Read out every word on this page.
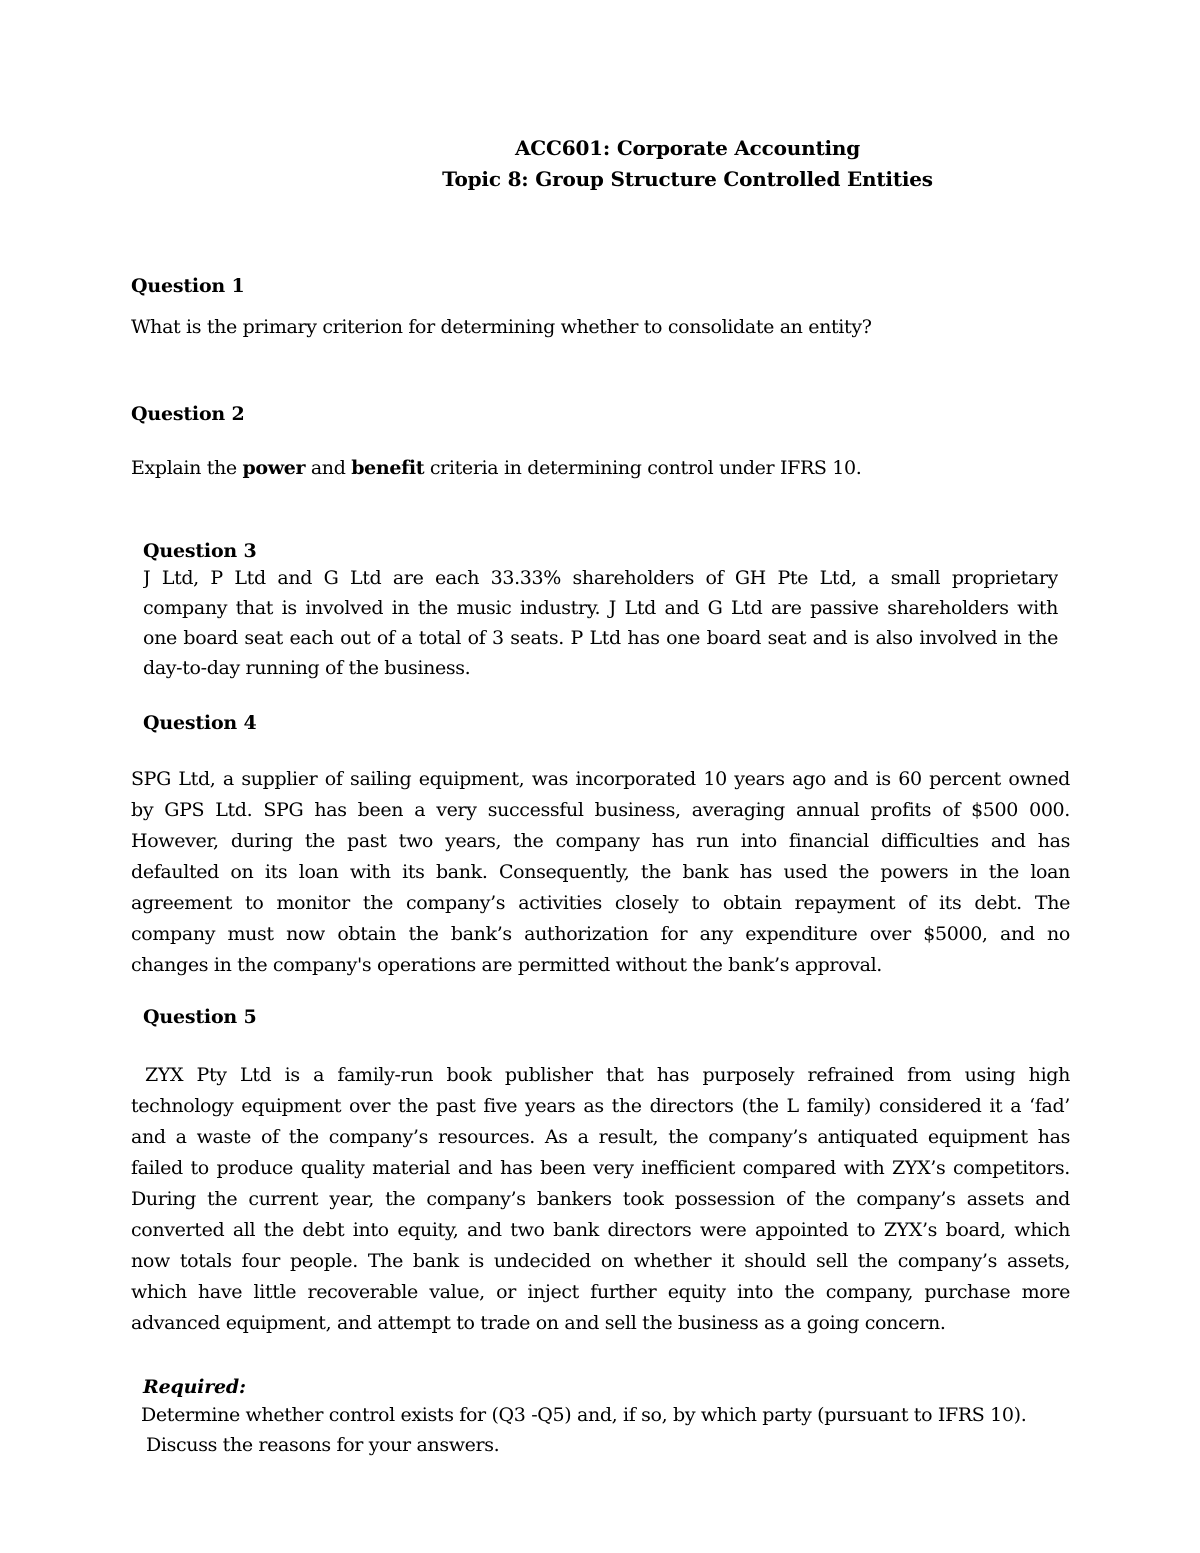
ACC601: Corporate Accounting
Topic 8: Group Structure Controlled Entities
Question 1
What is the primary criterion for determining whether to consolidate an entity?
Question 2
Explain the power and benefit criteria in determining control under IFRS 10.
Question 3
J Ltd, P Ltd and G Ltd are each 33.33% shareholders of GH Pte Ltd, a small proprietary
company that is involved in the music industry. J Ltd and G Ltd are passive shareholders with
one board seat each out of a total of 3 seats. P Ltd has one board seat and is also involved in the
day-to-day running of the business.
Question 4
SPG Ltd, a supplier of sailing equipment, was incorporated 10 years ago and is 60 percent owned
by GPS Ltd. SPG has been a very successful business, averaging annual profits of $500 000.
However, during the past two years, the company has run into financial difficulties and has
defaulted on its loan with its bank. Consequently, the bank has used the powers in the loan
agreement to monitor the company’s activities closely to obtain repayment of its debt. The
company must now obtain the bank’s authorization for any expenditure over $5000, and no
changes in the company's operations are permitted without the bank’s approval.
Question 5
ZYX Pty Ltd is a family-run book publisher that has purposely refrained from using high
technology equipment over the past five years as the directors (the L family) considered it a ‘fad’
and a waste of the company’s resources. As a result, the company’s antiquated equipment has
failed to produce quality material and has been very inefficient compared with ZYX’s competitors.
During the current year, the company’s bankers took possession of the company’s assets and
converted all the debt into equity, and two bank directors were appointed to ZYX’s board, which
now totals four people. The bank is undecided on whether it should sell the company’s assets,
which have little recoverable value, or inject further equity into the company, purchase more
advanced equipment, and attempt to trade on and sell the business as a going concern.
Required:
Determine whether control exists for (Q3 -Q5) and, if so, by which party (pursuant to IFRS 10).
Discuss the reasons for your answers.
